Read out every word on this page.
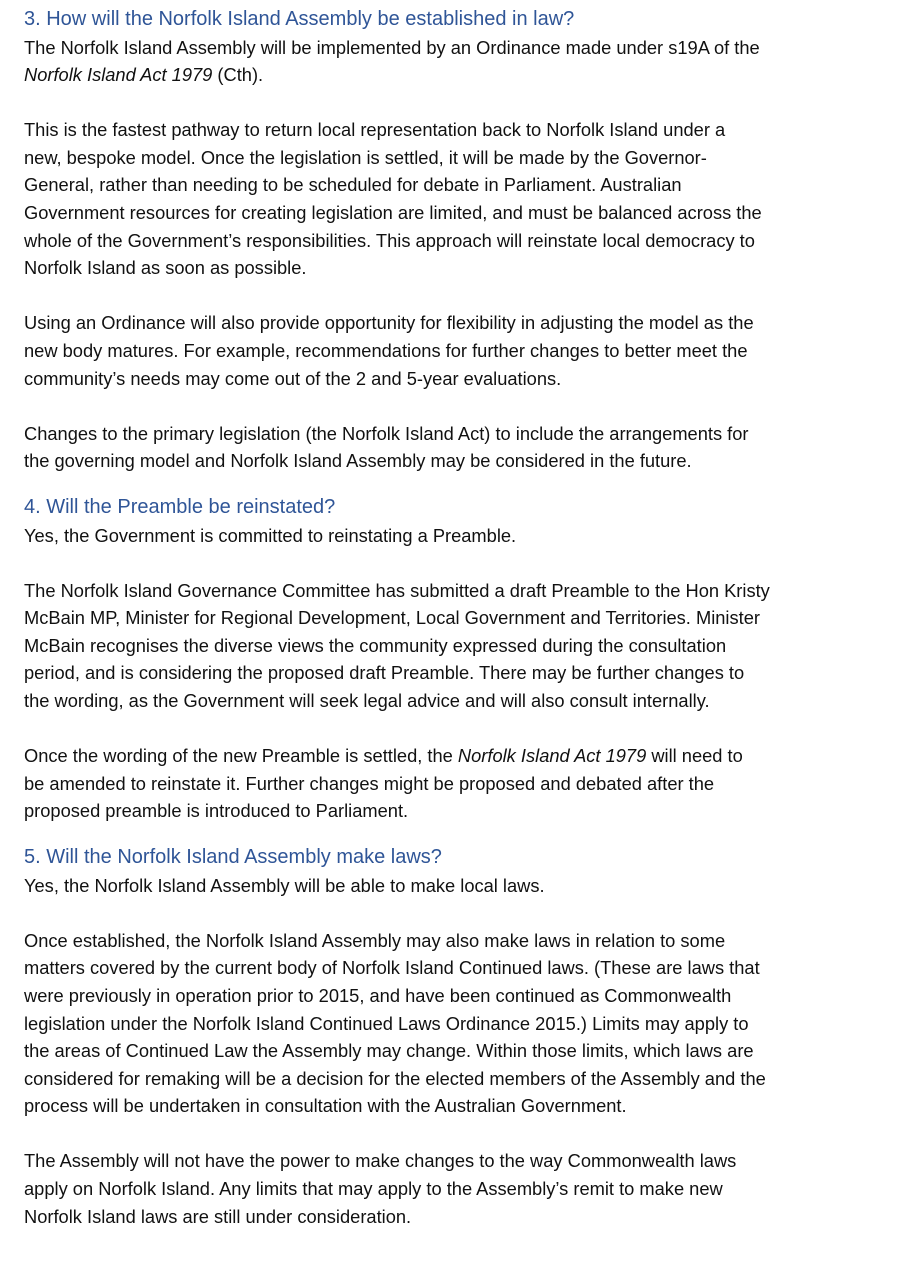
3. How will the Norfolk Island Assembly be established in law?

The Norfolk Island Assembly will be implemented by an Ordinance made under s19A of the
Norfolk Island Act 1979 (Cth).

This is the fastest pathway to return local representation back to Norfolk Island under a
new, bespoke model. Once the legislation is settled, it will be made by the Governor-
General, rather than needing to be scheduled for debate in Parliament. Australian
Government resources for creating legislation are limited, and must be balanced across the
whole of the Government’s responsibilities. This approach will reinstate local democracy to
Norfolk Island as soon as possible.

Using an Ordinance will also provide opportunity for flexibility in adjusting the model as the
new body matures. For example, recommendations for further changes to better meet the
community’s needs may come out of the 2 and 5-year evaluations.

Changes to the primary legislation (the Norfolk Island Act) to include the arrangements for
the governing model and Norfolk Island Assembly may be considered in the future.

4. Will the Preamble be reinstated?

Yes, the Government is committed to reinstating a Preamble.

The Norfolk Island Governance Committee has submitted a draft Preamble to the Hon Kristy
McBain MP, Minister for Regional Development, Local Government and Territories. Minister
McBain recognises the diverse views the community expressed during the consultation
period, and is considering the proposed draft Preamble. There may be further changes to
the wording, as the Government will seek legal advice and will also consult internally.

Once the wording of the new Preamble is settled, the Norfolk Island Act 1979 will need to
be amended to reinstate it. Further changes might be proposed and debated after the
proposed preamble is introduced to Parliament.

5. Will the Norfolk Island Assembly make laws?

Yes, the Norfolk Island Assembly will be able to make local laws.

Once established, the Norfolk Island Assembly may also make laws in relation to some
matters covered by the current body of Norfolk Island Continued laws. (These are laws that
were previously in operation prior to 2015, and have been continued as Commonwealth
legislation under the Norfolk Island Continued Laws Ordinance 2015.) Limits may apply to
the areas of Continued Law the Assembly may change. Within those limits, which laws are
considered for remaking will be a decision for the elected members of the Assembly and the
process will be undertaken in consultation with the Australian Government.

The Assembly will not have the power to make changes to the way Commonwealth laws
apply on Norfolk Island. Any limits that may apply to the Assembly’s remit to make new
Norfolk Island laws are still under consideration.
